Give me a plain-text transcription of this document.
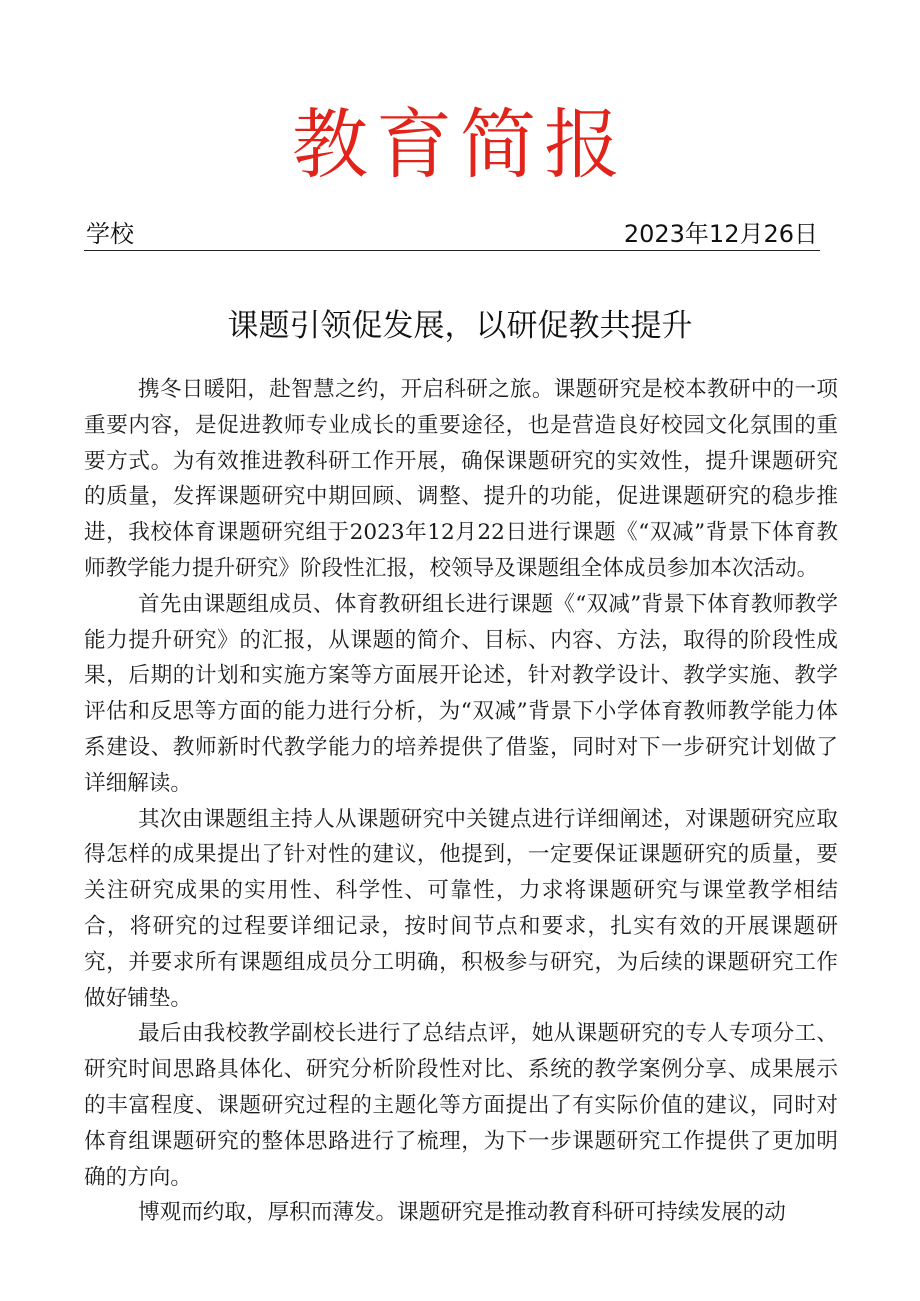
教育简报
学校	2023年12月26日
课题引领促发展，以研促教共提升

携冬日暖阳，赴智慧之约，开启科研之旅。课题研究是校本教研中的一项重要内容，是促进教师专业成长的重要途径，也是营造良好校园文化氛围的重要方式。为有效推进教科研工作开展，确保课题研究的实效性，提升课题研究的质量，发挥课题研究中期回顾、调整、提升的功能，促进课题研究的稳步推进，我校体育课题研究组于2023年12月22日进行课题《“双减”背景下体育教师教学能力提升研究》阶段性汇报，校领导及课题组全体成员参加本次活动。

首先由课题组成员、体育教研组长进行课题《“双减”背景下体育教师教学能力提升研究》的汇报，从课题的简介、目标、内容、方法，取得的阶段性成果，后期的计划和实施方案等方面展开论述，针对教学设计、教学实施、教学评估和反思等方面的能力进行分析，为“双减”背景下小学体育教师教学能力体系建设、教师新时代教学能力的培养提供了借鉴，同时对下一步研究计划做了详细解读。

其次由课题组主持人从课题研究中关键点进行详细阐述，对课题研究应取得怎样的成果提出了针对性的建议，他提到，一定要保证课题研究的质量，要关注研究成果的实用性、科学性、可靠性，力求将课题研究与课堂教学相结合，将研究的过程要详细记录，按时间节点和要求，扎实有效的开展课题研究，并要求所有课题组成员分工明确，积极参与研究，为后续的课题研究工作做好铺垫。

最后由我校教学副校长进行了总结点评，她从课题研究的专人专项分工、研究时间思路具体化、研究分析阶段性对比、系统的教学案例分享、成果展示的丰富程度、课题研究过程的主题化等方面提出了有实际价值的建议，同时对体育组课题研究的整体思路进行了梳理，为下一步课题研究工作提供了更加明确的方向。

博观而约取，厚积而薄发。课题研究是推动教育科研可持续发展的动
